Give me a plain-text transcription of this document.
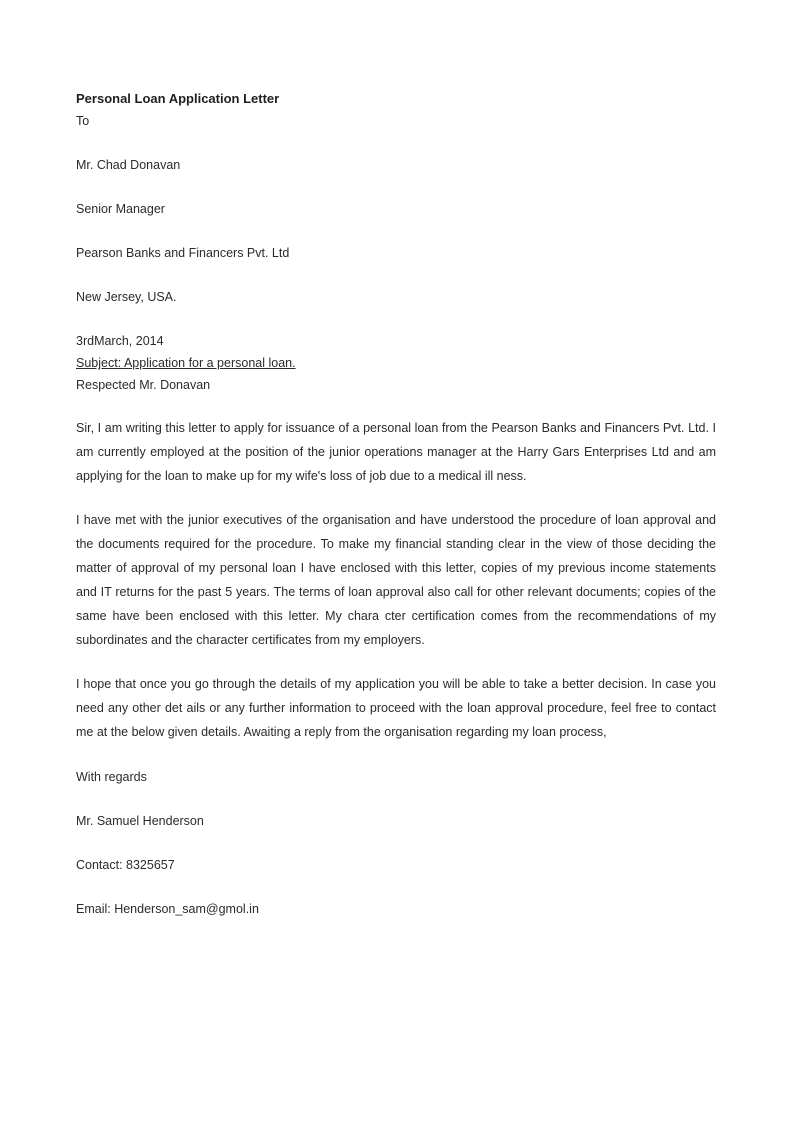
Personal Loan Application Letter

To

Mr. Chad Donavan

Senior Manager

Pearson Banks and Financers Pvt. Ltd

New Jersey, USA.

3rdMarch, 2014

Subject: Application for a personal loan.

Respected Mr. Donavan

Sir, I am writing this letter to apply for issuance of a personal loan from the Pearson Banks and Financers Pvt. Ltd. I am currently employed at the position of the junior operations manager at the Harry Gars Enterprises Ltd and am applying for the loan to make up for my wife's loss of job due to a medical ill ness.

I have met with the junior executives of the organisation and have understood the procedure of loan approval and the documents required for the procedure. To make my financial standing clear in the view of those deciding the matter of approval of my personal loan I have enclosed with this letter, copies of my previous income statements and IT returns for the past 5 years. The terms of loan approval also call for other relevant documents; copies of the same have been enclosed with this letter. My chara cter certification comes from the recommendations of my subordinates and the character certificates from my employers.

I hope that once you go through the details of my application you will be able to take a better decision. In case you need any other det ails or any further information to proceed with the loan approval procedure, feel free to contact me at the below given details. Awaiting a reply from the organisation regarding my loan process,

With regards

Mr. Samuel Henderson

Contact: 8325657

Email: Henderson_sam@gmol.in
